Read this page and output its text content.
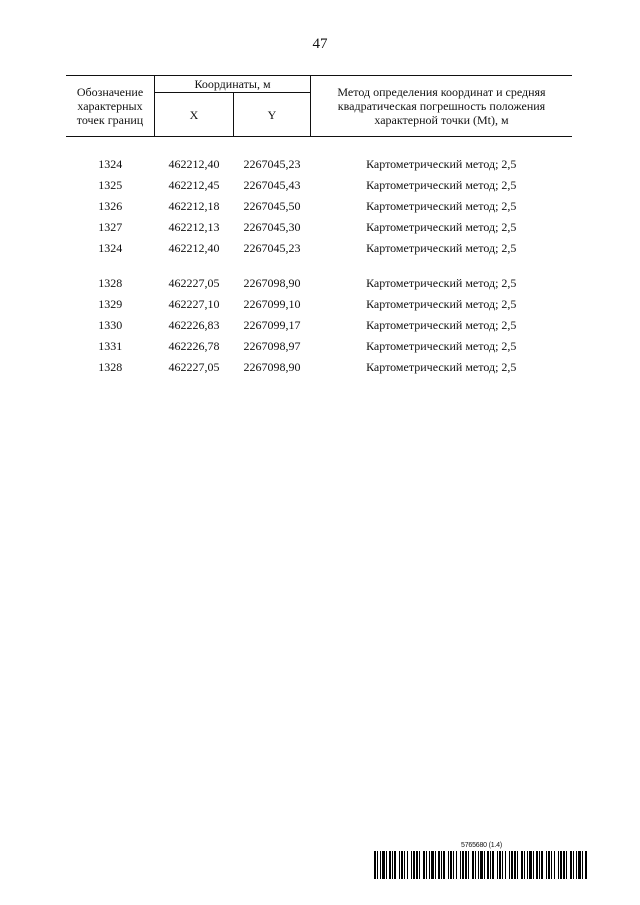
47
Обозначение характерных точек границ	Координаты, м		Метод определения координат и средняя квадратическая погрешность положения характерной точки (Mt), м
	X	Y	
1324	462212,40	2267045,23	Картометрический метод; 2,5
1325	462212,45	2267045,43	Картометрический метод; 2,5
1326	462212,18	2267045,50	Картометрический метод; 2,5
1327	462212,13	2267045,30	Картометрический метод; 2,5
1324	462212,40	2267045,23	Картометрический метод; 2,5
1328	462227,05	2267098,90	Картометрический метод; 2,5
1329	462227,10	2267099,10	Картометрический метод; 2,5
1330	462226,83	2267099,17	Картометрический метод; 2,5
1331	462226,78	2267098,97	Картометрический метод; 2,5
1328	462227,05	2267098,90	Картометрический метод; 2,5
5765680 (1.4)
